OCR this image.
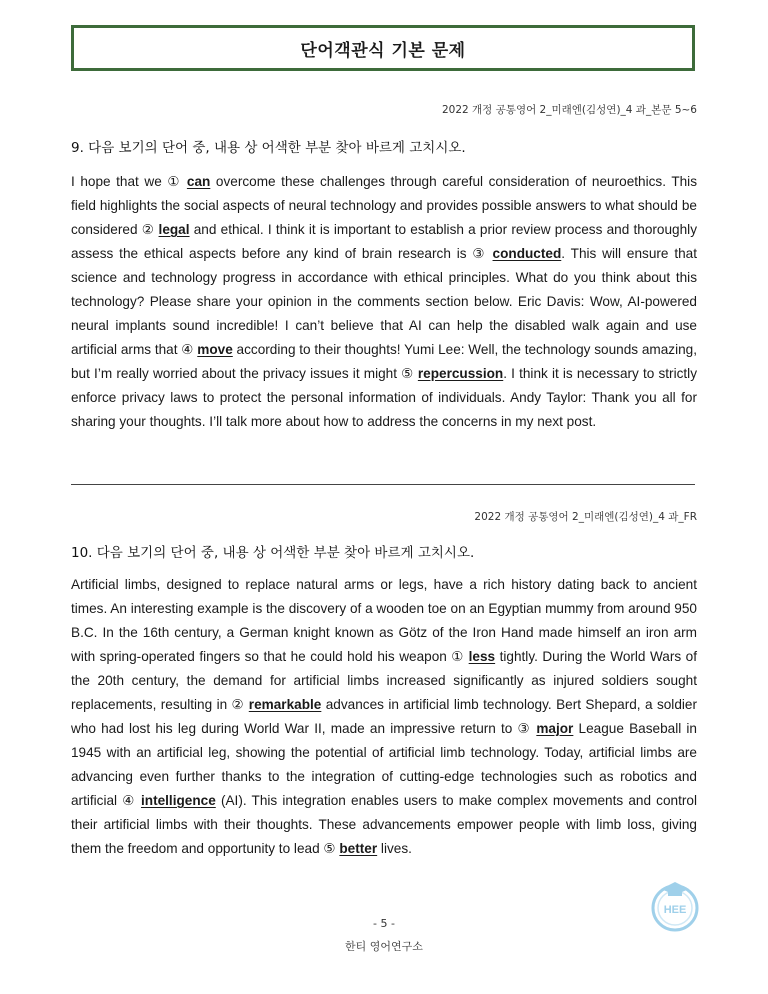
단어객관식 기본 문제
2022 개정 공통영어 2_미래엔(김성연)_4 과_본문 5~6
9. 다음 보기의 단어 중, 내용 상 어색한 부분 찾아 바르게 고치시오.
I hope that we ① can overcome these challenges through careful consideration of neuroethics. This field highlights the social aspects of neural technology and provides possible answers to what should be considered ② legal and ethical. I think it is important to establish a prior review process and thoroughly assess the ethical aspects before any kind of brain research is ③ conducted. This will ensure that science and technology progress in accordance with ethical principles. What do you think about this technology? Please share your opinion in the comments section below. Eric Davis: Wow, AI-powered neural implants sound incredible! I can’t believe that AI can help the disabled walk again and use artificial arms that ④ move according to their thoughts! Yumi Lee: Well, the technology sounds amazing, but I’m really worried about the privacy issues it might ⑤ repercussion. I think it is necessary to strictly enforce privacy laws to protect the personal information of individuals. Andy Taylor: Thank you all for sharing your thoughts. I’ll talk more about how to address the concerns in my next post.
2022 개정 공통영어 2_미래엔(김성연)_4 과_FR
10. 다음 보기의 단어 중, 내용 상 어색한 부분 찾아 바르게 고치시오.
Artificial limbs, designed to replace natural arms or legs, have a rich history dating back to ancient times. An interesting example is the discovery of a wooden toe on an Egyptian mummy from around 950 B.C. In the 16th century, a German knight known as Götz of the Iron Hand made himself an iron arm with spring-operated fingers so that he could hold his weapon ① less tightly. During the World Wars of the 20th century, the demand for artificial limbs increased significantly as injured soldiers sought replacements, resulting in ② remarkable advances in artificial limb technology. Bert Shepard, a soldier who had lost his leg during World War II, made an impressive return to ③ major League Baseball in 1945 with an artificial leg, showing the potential of artificial limb technology. Today, artificial limbs are advancing even further thanks to the integration of cutting-edge technologies such as robotics and artificial ④ intelligence (AI). This integration enables users to make complex movements and control their artificial limbs with their thoughts. These advancements empower people with limb loss, giving them the freedom and opportunity to lead ⑤ better lives.
HEE
- 5 -
한티 영어연구소
